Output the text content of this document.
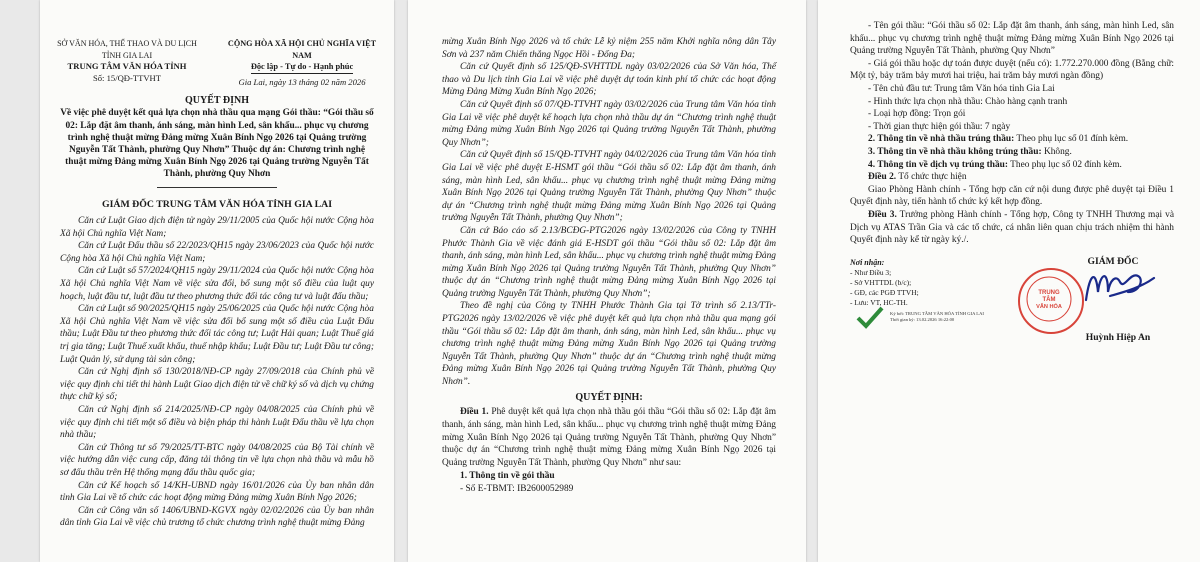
SỞ VĂN HÓA, THỂ THAO VÀ DU LỊCH TỈNH GIA LAI
TRUNG TÂM VĂN HÓA TỈNH
Số: 15/QĐ-TTVHT
CỘNG HÒA XÃ HỘI CHỦ NGHĨA VIỆT NAM
Độc lập - Tự do - Hạnh phúc
Gia Lai, ngày 13 tháng 02 năm 2026

QUYẾT ĐỊNH

Về việc phê duyệt kết quả lựa chọn nhà thầu qua mạng Gói thầu: “Gói thầu số 02: Lắp đặt âm thanh, ánh sáng, màn hình Led, sân khấu... phục vụ chương trình nghệ thuật mừng Đảng mừng Xuân Bính Ngọ 2026 tại Quảng trường Nguyễn Tất Thành, phường Quy Nhơn” Thuộc dự án: Chương trình nghệ thuật mừng Đảng mừng Xuân Bính Ngọ 2026 tại Quảng trường Nguyễn Tất Thành, phường Quy Nhơn

GIÁM ĐỐC TRUNG TÂM VĂN HÓA TỈNH GIA LAI

Căn cứ Luật Giao dịch điện tử ngày 29/11/2005 của Quốc hội nước Cộng hòa Xã hội Chủ nghĩa Việt Nam;

Căn cứ Luật Đấu thầu số 22/2023/QH15 ngày 23/06/2023 của Quốc hội nước Cộng hòa Xã hội Chủ nghĩa Việt Nam;

Căn cứ Luật số 57/2024/QH15 ngày 29/11/2024 của Quốc hội nước Cộng hòa Xã hội Chủ nghĩa Việt Nam về việc sửa đổi, bổ sung một số điều của luật quy hoạch, luật đầu tư, luật đầu tư theo phương thức đối tác công tư và luật đấu thầu;

Căn cứ Luật số 90/2025/QH15 ngày 25/06/2025 của Quốc hội nước Cộng hòa Xã hội Chủ nghĩa Việt Nam về việc sửa đổi bổ sung một số điều của Luật Đấu thầu; Luật Đầu tư theo phương thức đối tác công tư; Luật Hải quan; Luật Thuế giá trị gia tăng; Luật Thuế xuất khẩu, thuế nhập khẩu; Luật Đầu tư; Luật Đầu tư công; Luật Quản lý, sử dụng tài sản công;

Căn cứ Nghị định số 130/2018/NĐ-CP ngày 27/09/2018 của Chính phủ về việc quy định chi tiết thi hành Luật Giao dịch điện tử về chữ ký số và dịch vụ chứng thực chữ ký số;

Căn cứ Nghị định số 214/2025/NĐ-CP ngày 04/08/2025 của Chính phủ về việc quy định chi tiết một số điều và biện pháp thi hành Luật Đấu thầu về lựa chọn nhà thầu;

Căn cứ Thông tư số 79/2025/TT-BTC ngày 04/08/2025 của Bộ Tài chính về việc hướng dẫn việc cung cấp, đăng tải thông tin về lựa chọn nhà thầu và mẫu hồ sơ đấu thầu trên Hệ thống mạng đấu thầu quốc gia;

Căn cứ Kế hoạch số 14/KH-UBND ngày 16/01/2026 của Ủy ban nhân dân tỉnh Gia Lai về tổ chức các hoạt động mừng Đảng mừng Xuân Bính Ngọ 2026;

Căn cứ Công văn số 1406/UBND-KGVX ngày 02/02/2026 của Ủy ban nhân dân tỉnh Gia Lai về việc chủ trương tổ chức chương trình nghệ thuật mừng Đảng

mừng Xuân Bính Ngọ 2026 và tổ chức Lễ kỷ niệm 255 năm Khởi nghĩa nông dân Tây Sơn và 237 năm Chiến thắng Ngọc Hồi - Đống Đa;

Căn cứ Quyết định số 125/QĐ-SVHTTDL ngày 03/02/2026 của Sở Văn hóa, Thể thao và Du lịch tỉnh Gia Lai về việc phê duyệt dự toán kinh phí tổ chức các hoạt động Mừng Đảng Mừng Xuân Bính Ngọ 2026;

Căn cứ Quyết định số 07/QĐ-TTVHT ngày 03/02/2026 của Trung tâm Văn hóa tỉnh Gia Lai về việc phê duyệt kế hoạch lựa chọn nhà thầu dự án “Chương trình nghệ thuật mừng Đảng mừng Xuân Bính Ngọ 2026 tại Quảng trường Nguyễn Tất Thành, phường Quy Nhơn”;

Căn cứ Quyết định số 15/QĐ-TTVHT ngày 04/02/2026 của Trung tâm Văn hóa tỉnh Gia Lai về việc phê duyệt E-HSMT gói thầu “Gói thầu số 02: Lắp đặt âm thanh, ánh sáng, màn hình Led, sân khấu... phục vụ chương trình nghệ thuật mừng Đảng mừng Xuân Bính Ngọ 2026 tại Quảng trường Nguyễn Tất Thành, phường Quy Nhơn” thuộc dự án “Chương trình nghệ thuật mừng Đảng mừng Xuân Bính Ngọ 2026 tại Quảng trường Nguyễn Tất Thành, phường Quy Nhơn”;

Căn cứ Báo cáo số 2.13/BCĐG-PTG2026 ngày 13/02/2026 của Công ty TNHH Phước Thành Gia về việc đánh giá E-HSDT gói thầu “Gói thầu số 02: Lắp đặt âm thanh, ánh sáng, màn hình Led, sân khấu... phục vụ chương trình nghệ thuật mừng Đảng mừng Xuân Bính Ngọ 2026 tại Quảng trường Nguyễn Tất Thành, phường Quy Nhơn” thuộc dự án “Chương trình nghệ thuật mừng Đảng mừng Xuân Bính Ngọ 2026 tại Quảng trường Nguyễn Tất Thành, phường Quy Nhơn”;

Theo đề nghị của Công ty TNHH Phước Thành Gia tại Tờ trình số 2.13/TTr-PTG2026 ngày 13/02/2026 về việc phê duyệt kết quả lựa chọn nhà thầu qua mạng gói thầu “Gói thầu số 02: Lắp đặt âm thanh, ánh sáng, màn hình Led, sân khấu... phục vụ chương trình nghệ thuật mừng Đảng mừng Xuân Bính Ngọ 2026 tại Quảng trường Nguyễn Tất Thành, phường Quy Nhơn” thuộc dự án “Chương trình nghệ thuật mừng Đảng mừng Xuân Bính Ngọ 2026 tại Quảng trường Nguyễn Tất Thành, phường Quy Nhơn”.

QUYẾT ĐỊNH:

Điều 1. Phê duyệt kết quả lựa chọn nhà thầu gói thầu “Gói thầu số 02: Lắp đặt âm thanh, ánh sáng, màn hình Led, sân khấu... phục vụ chương trình nghệ thuật mừng Đảng mừng Xuân Bính Ngọ 2026 tại Quảng trường Nguyễn Tất Thành, phường Quy Nhơn” thuộc dự án “Chương trình nghệ thuật mừng Đảng mừng Xuân Bính Ngọ 2026 tại Quảng trường Nguyễn Tất Thành, phường Quy Nhơn” như sau:

1. Thông tin về gói thầu

- Số E-TBMT: IB2600052989

- Tên gói thầu: “Gói thầu số 02: Lắp đặt âm thanh, ánh sáng, màn hình Led, sân khấu... phục vụ chương trình nghệ thuật mừng Đảng mừng Xuân Bính Ngọ 2026 tại Quảng trường Nguyễn Tất Thành, phường Quy Nhơn”

- Giá gói thầu hoặc dự toán được duyệt (nếu có): 1.772.270.000 đồng (Bằng chữ: Một tỷ, bảy trăm bảy mươi hai triệu, hai trăm bảy mươi ngàn đồng)

- Tên chủ đầu tư: Trung tâm Văn hóa tỉnh Gia Lai

- Hình thức lựa chọn nhà thầu: Chào hàng cạnh tranh

- Loại hợp đồng: Trọn gói

- Thời gian thực hiện gói thầu: 7 ngày

2. Thông tin về nhà thầu trúng thầu: Theo phụ lục số 01 đính kèm.

3. Thông tin về nhà thầu không trúng thầu: Không.

4. Thông tin về dịch vụ trúng thầu: Theo phụ lục số 02 đính kèm.

Điều 2. Tổ chức thực hiện

Giao Phòng Hành chính - Tổng hợp căn cứ nội dung được phê duyệt tại Điều 1 Quyết định này, tiến hành tổ chức ký kết hợp đồng.

Điều 3. Trưởng phòng Hành chính - Tổng hợp, Công ty TNHH Thương mại và Dịch vụ ATAS Trần Gia và các tổ chức, cá nhân liên quan chịu trách nhiệm thi hành Quyết định này kể từ ngày ký./.

Nơi nhận:
- Như Điều 3;
- Sở VHTTDL (b/c);
- GĐ, các PGĐ TTVH;
- Lưu: VT, HC-TH.
Ký bởi: TRUNG TÂM VĂN HÓA TỈNH GIA LAI
Thời gian ký: 13.02.2026 16:22:00
GIÁM ĐỐC
TRUNG
TÂM
VĂN HÓA
Huỳnh Hiệp An
